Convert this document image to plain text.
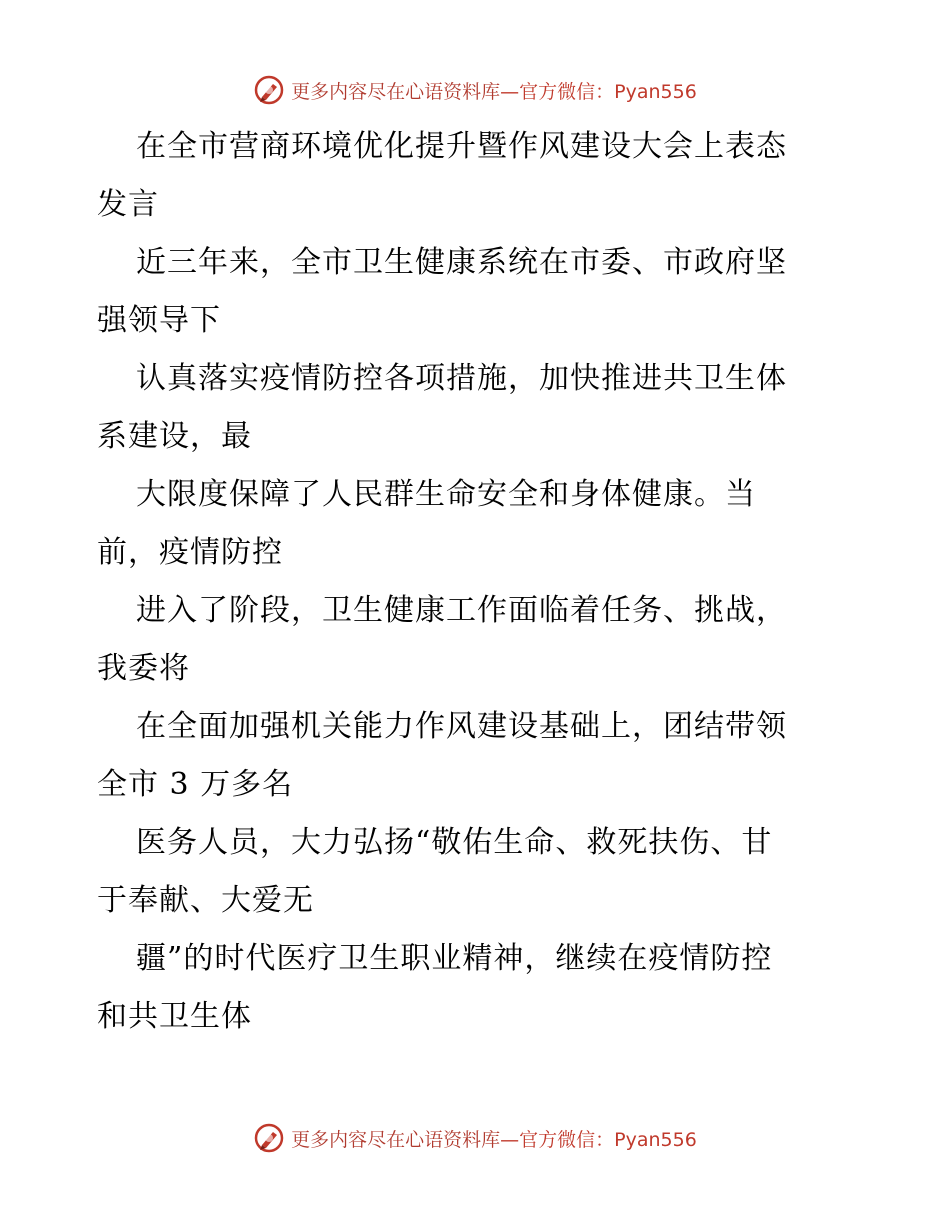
更多内容尽在心语资料库 —官方微信：Pyan556

在全市营商环境优化提升暨作风建设大会上表态
发言

近三年来，全市卫生健康系统在市委、市政府坚
强领导下

认真落实疫情防控各项措施，加快推进共卫生体
系建设，最

大限度保障了人民群生命安全和身体健康。当
前，疫情防控

进入了阶段，卫生健康工作面临着任务、挑战，
我委将

在全面加强机关能力作风建设基础上，团结带领
全市 3 万多名

医务人员，大力弘扬“敬佑生命、救死扶伤、甘
于奉献、大爱无

疆”的时代医疗卫生职业精神，继续在疫情防控
和共卫生体

更多内容尽在心语资料库 —官方微信：Pyan556
